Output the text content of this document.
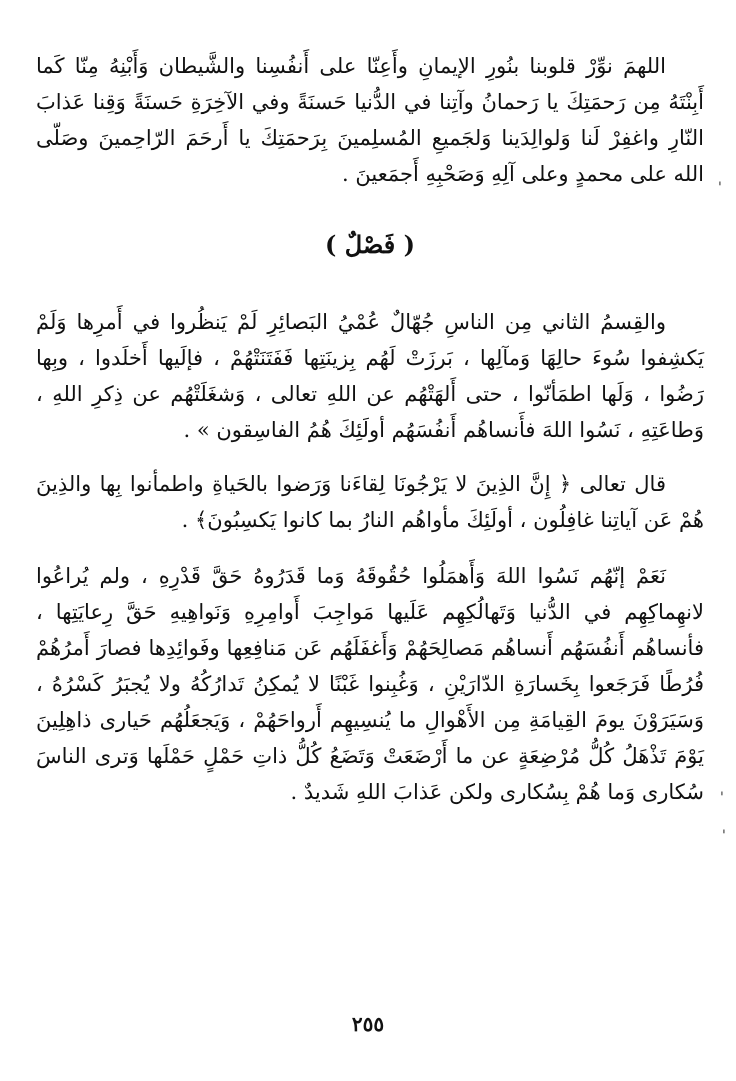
اللهمَ نوِّرْ قلوبنا بنُورِ الإيمانِ وأَعِنّا على أَنفُسِنا والشَّيطان وَأَبْنِهُ مِنّا كَما أَبِنْتَهُ مِن رَحمَتِكَ يا رَحمانُ وآتِنا في الدُّنيا حَسنَةً وفي الآخِرَةِ حَسنَةً وَقِنا عَذابَ النّارِ واغفِرْ لَنا وَلوالِدَينا وَلجَميعِ المُسلِمينَ بِرَحمَتِكَ يا أَرحَمَ الرّاحِمينَ وصَلّى الله على محمدٍ وعلى آلِهِ وَصَحْبِهِ أَجمَعينَ .

( فَصْلٌ )

والقِسمُ الثاني مِن الناسِ جُهّالٌ عُمْيُ البَصائِرِ لَمْ يَنظُروا في أَمرِها وَلَمْ يَكشِفوا سُوءَ حالِهَا وَمآلِها ، بَرزَتْ لَهُم بِزينَتِها فَفَتَنَتْهُمْ ، فإلَيها أَخلَدوا ، وبِها رَضُوا ، وَلَها اطمَأنّوا ، حتى أَلهَتْهُم عن اللهِ تعالى ، وَشغَلَتْهُم عن ذِكرِ اللهِ ، وَطاعَتِهِ ، نَسُوا اللهَ فأَنساهُم أَنفُسَهُم أولَئِكَ هُمُ الفاسِقون » .

قال تعالى ﴿ إِنَّ الذِينَ لا يَرْجُونَا لِقاءَنا وَرَضوا بالحَياةِ واطمأنوا بِها والذِينَ هُمْ عَن آياتِنا غافِلُون ، أولَئِكَ مأواهُم النارُ بما كانوا يَكسِبُونَ﴾ .

نَعَمْ إنّهُم نَسُوا اللهَ وَأَهمَلُوا حُقُوقَهُ وَما قَدَرُوهُ حَقَّ قَدْرِهِ ، ولم يُراعُوا لانهِماكِهِم في الدُّنيا وَتَهالُكِهِم عَلَيها مَواجِبَ أَوامِرِهِ وَنَواهِيهِ حَقَّ رِعايَتِها ، فأنساهُم أَنفُسَهُم أَنساهُم مَصالِحَهُمْ وَأَغفَلَهُم عَن مَنافِعِها وفَوائِدِها فصارَ أَمرُهُمْ فُرُطًا فَرَجَعوا بِخَسارَةِ الدّارَيْنِ ، وَغُبِنوا غَبْنًا لا يُمكِنُ تَدارُكُهُ ولا يُجبَرُ كَسْرُهُ ، وَسَيَرَوْنَ يومَ القِيامَةِ مِن الأَهْوالِ ما يُنسِيهِم أَرواحَهُمْ ، وَيَجعَلُهُم حَيارى ذاهِلِينَ يَوْمَ تَذْهَلُ كُلُّ مُرْضِعَةٍ عن ما أَرْضَعَتْ وَتَضَعُ كُلُّ ذاتِ حَمْلٍ حَمْلَها وَترى الناسَ سُكارى وَما هُمْ بِسُكارى ولكن عَذابَ اللهِ شَديدٌ .

٢٥٥
'
'
'
